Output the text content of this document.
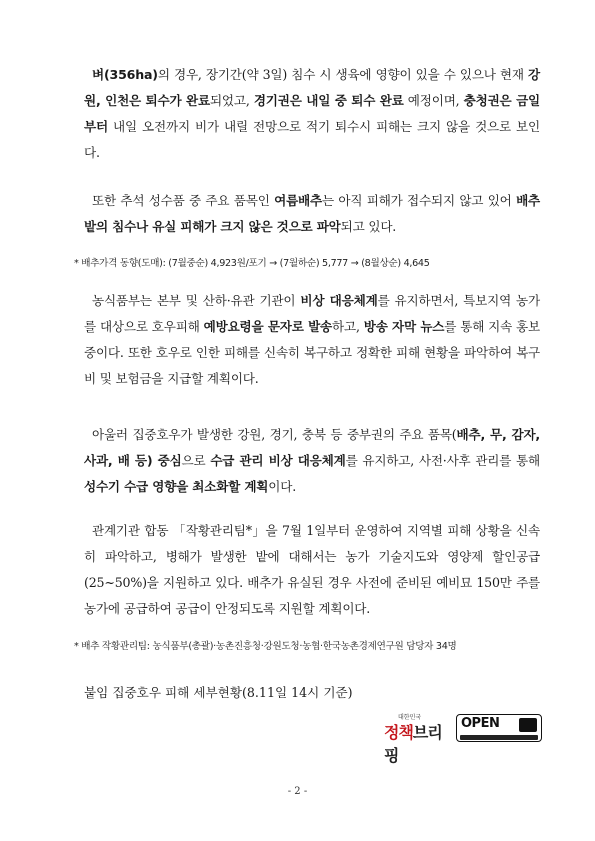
벼(356ha)의 경우, 장기간(약 3일) 침수 시 생육에 영향이 있을 수 있으나 현재 강원, 인천은 퇴수가 완료되었고, 경기권은 내일 중 퇴수 완료 예정이며, 충청권은 금일부터 내일 오전까지 비가 내릴 전망으로 적기 퇴수시 피해는 크지 않을 것으로 보인다.

또한 추석 성수품 중 주요 품목인 여름배추는 아직 피해가 접수되지 않고 있어 배추밭의 침수나 유실 피해가 크지 않은 것으로 파악되고 있다.

* 배추가격 동향(도매): (7월중순) 4,923원/포기 → (7월하순) 5,777 → (8월상순) 4,645

농식품부는 본부 및 산하·유관 기관이 비상 대응체계를 유지하면서, 특보지역 농가를 대상으로 호우피해 예방요령을 문자로 발송하고, 방송 자막 뉴스를 통해 지속 홍보 중이다. 또한 호우로 인한 피해를 신속히 복구하고 정확한 피해 현황을 파악하여 복구비 및 보험금을 지급할 계획이다.

아울러 집중호우가 발생한 강원, 경기, 충북 등 중부권의 주요 품목(배추, 무, 감자, 사과, 배 등) 중심으로 수급 관리 비상 대응체계를 유지하고, 사전·사후 관리를 통해 성수기 수급 영향을 최소화할 계획이다.

관계기관 합동 「작황관리팀*」을 7월 1일부터 운영하여 지역별 피해 상황을 신속히 파악하고, 병해가 발생한 밭에 대해서는 농가 기술지도와 영양제 할인공급(25~50%)을 지원하고 있다. 배추가 유실된 경우 사전에 준비된 예비묘 150만 주를 농가에 공급하여 공급이 안정되도록 지원할 계획이다.

* 배추 작황관리팀: 농식품부(총괄)·농촌진흥청·강원도청·농협·한국농촌경제연구원 담당자 34명
붙임 집중호우 피해 세부현황(8.11일 14시 기준)
대한민국
정책브리핑
OPEN
- 2 -
